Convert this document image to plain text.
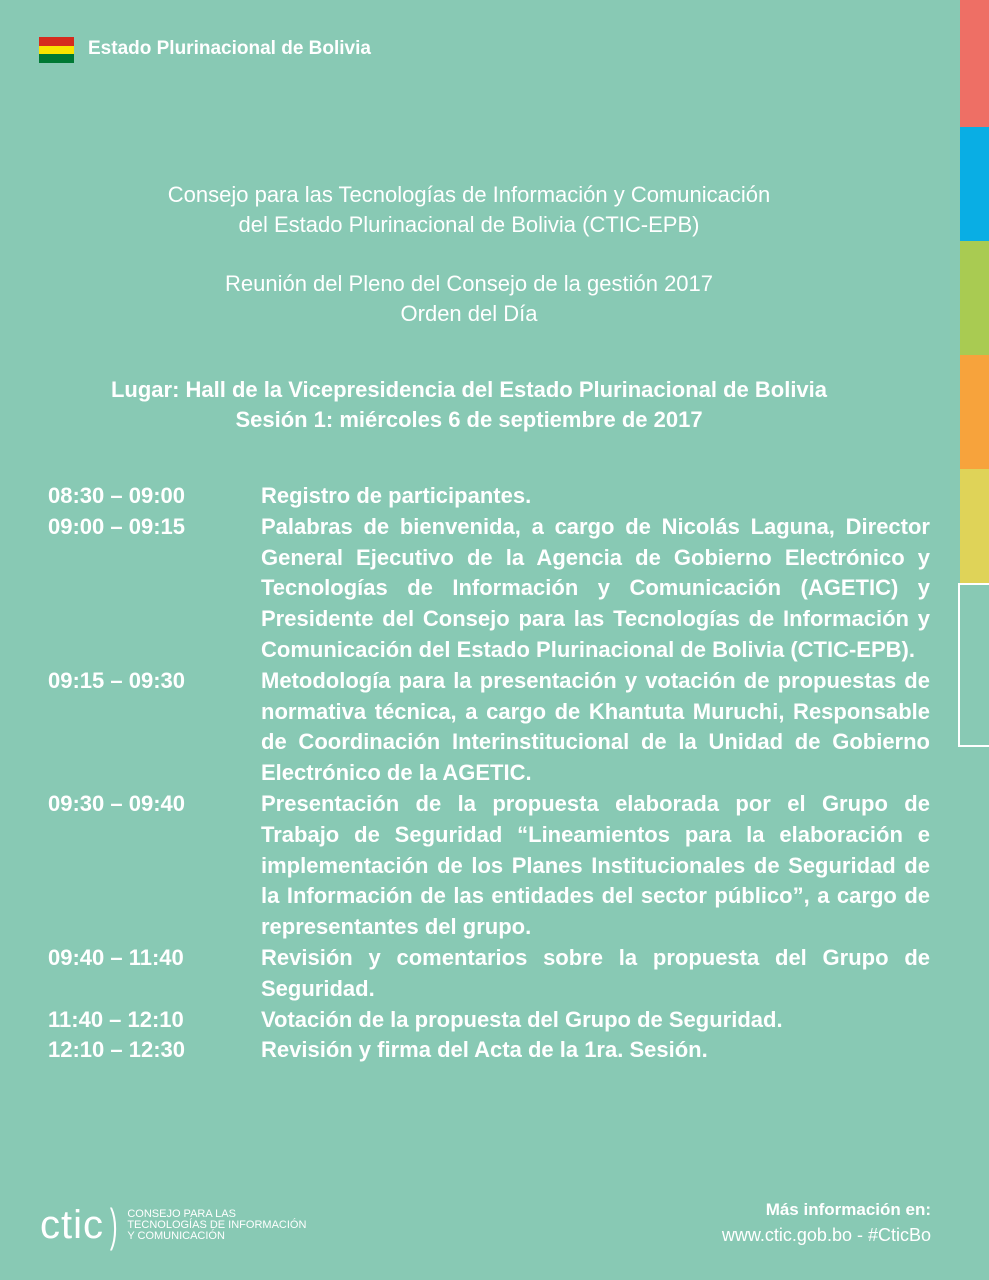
Estado Plurinacional de Bolivia
Consejo para las Tecnologías de Información y Comunicación
del Estado Plurinacional de Bolivia (CTIC-EPB)
Reunión del Pleno del Consejo de la gestión 2017
Orden del Día
Lugar: Hall de la Vicepresidencia del Estado Plurinacional de Bolivia
Sesión 1: miércoles 6 de septiembre de 2017
08:30 – 09:00	Registro de participantes.
09:00 – 09:15	Palabras de bienvenida, a cargo de Nicolás Laguna, Director General Ejecutivo de la Agencia de Gobierno Electrónico y Tecnologías de Información y Comunicación (AGETIC) y Presidente del Consejo para las Tecnologías de Información y Comunicación del Estado Plurinacional de Bolivia (CTIC-EPB).
09:15 – 09:30	Metodología para la presentación y votación de propuestas de normativa técnica, a cargo de Khantuta Muruchi, Responsable de Coordinación Interinstitucional de la Unidad de Gobierno Electrónico de la AGETIC.
09:30 – 09:40	Presentación de la propuesta elaborada por el Grupo de Trabajo de Seguridad “Lineamientos para la elaboración e implementación de los Planes Institucionales de Seguridad de la Información de las entidades del sector público”, a cargo de representantes del grupo.
09:40 – 11:40	Revisión y comentarios sobre la propuesta del Grupo de Seguridad.
11:40 – 12:10	Votación de la propuesta del Grupo de Seguridad.
12:10 – 12:30	Revisión y firma del Acta de la 1ra. Sesión.
ctic ) CONSEJO PARA LAS
TECNOLOGÍAS DE INFORMACIÓN
Y COMUNICACIÓN
Más información en:
www.ctic.gob.bo - #CticBo
